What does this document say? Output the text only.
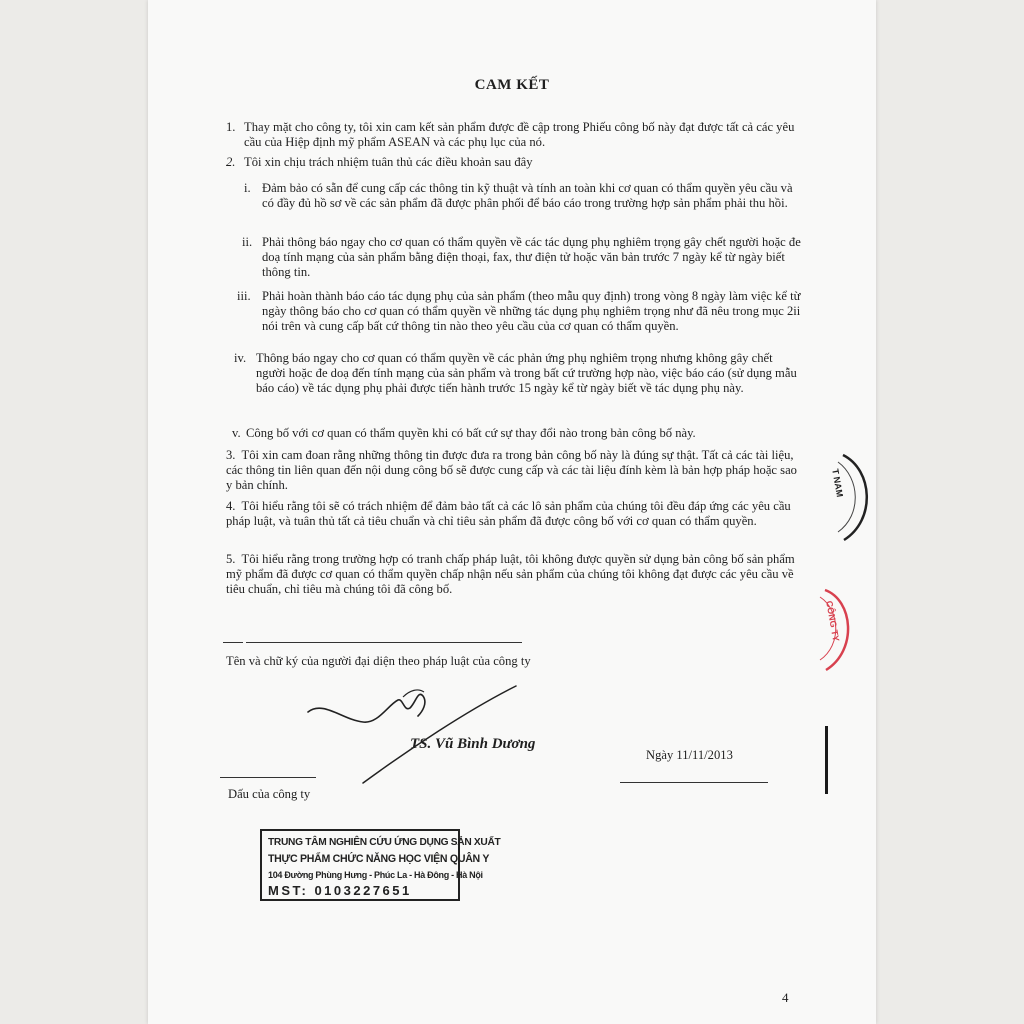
CAM KẾT
1. Thay mặt cho công ty, tôi xin cam kết sản phẩm được đề cập trong Phiếu công bố này đạt được tất cả các yêu cầu của Hiệp định mỹ phẩm ASEAN và các phụ lục của nó.
2. Tôi xin chịu trách nhiệm tuân thủ các điều khoản sau đây
i. Đảm bảo có sẵn để cung cấp các thông tin kỹ thuật và tính an toàn khi cơ quan có thẩm quyền yêu cầu và có đầy đủ hồ sơ về các sản phẩm đã được phân phối để báo cáo trong trường hợp sản phẩm phải thu hồi.
ii. Phải thông báo ngay cho cơ quan có thẩm quyền về các tác dụng phụ nghiêm trọng gây chết người hoặc đe doạ tính mạng của sản phẩm bằng điện thoại, fax, thư điện tử hoặc văn bản trước 7 ngày kể từ ngày biết thông tin.
iii. Phải hoàn thành báo cáo tác dụng phụ của sản phẩm (theo mẫu quy định) trong vòng 8 ngày làm việc kể từ ngày thông báo cho cơ quan có thẩm quyền về những tác dụng phụ nghiêm trọng như đã nêu trong mục 2ii nói trên và cung cấp bất cứ thông tin nào theo yêu cầu của cơ quan có thẩm quyền.
iv. Thông báo ngay cho cơ quan có thẩm quyền về các phản ứng phụ nghiêm trọng nhưng không gây chết người hoặc đe doạ đến tính mạng của sản phẩm và trong bất cứ trường hợp nào, việc báo cáo (sử dụng mẫu báo cáo) về tác dụng phụ phải được tiến hành trước 15 ngày kể từ ngày biết về tác dụng phụ này.
v. Công bố với cơ quan có thẩm quyền khi có bất cứ sự thay đổi nào trong bản công bố này.
3. Tôi xin cam đoan rằng những thông tin được đưa ra trong bản công bố này là đúng sự thật. Tất cả các tài liệu, các thông tin liên quan đến nội dung công bố sẽ được cung cấp và các tài liệu đính kèm là bản hợp pháp hoặc sao y bản chính.
4. Tôi hiểu rằng tôi sẽ có trách nhiệm để đảm bảo tất cả các lô sản phẩm của chúng tôi đều đáp ứng các yêu cầu pháp luật, và tuân thủ tất cả tiêu chuẩn và chỉ tiêu sản phẩm đã được công bố với cơ quan có thẩm quyền.
5. Tôi hiểu rằng trong trường hợp có tranh chấp pháp luật, tôi không được quyền sử dụng bản công bố sản phẩm mỹ phẩm đã được cơ quan có thẩm quyền chấp nhận nếu sản phẩm của chúng tôi không đạt được các yêu cầu về tiêu chuẩn, chỉ tiêu mà chúng tôi đã công bố.
Tên và chữ ký của người đại diện theo pháp luật của công ty
TS. Vũ Bình Dương
Ngày 11/11/2013
Dấu của công ty
TRUNG TÂM NGHIÊN CỨU ỨNG DỤNG SẢN XUẤT
THỰC PHẨM CHỨC NĂNG HỌC VIỆN QUÂN Y
104 Đường Phùng Hưng - Phúc La - Hà Đông - Hà Nội
MST: 0103227651
4
T NAM
CÔNG TY
